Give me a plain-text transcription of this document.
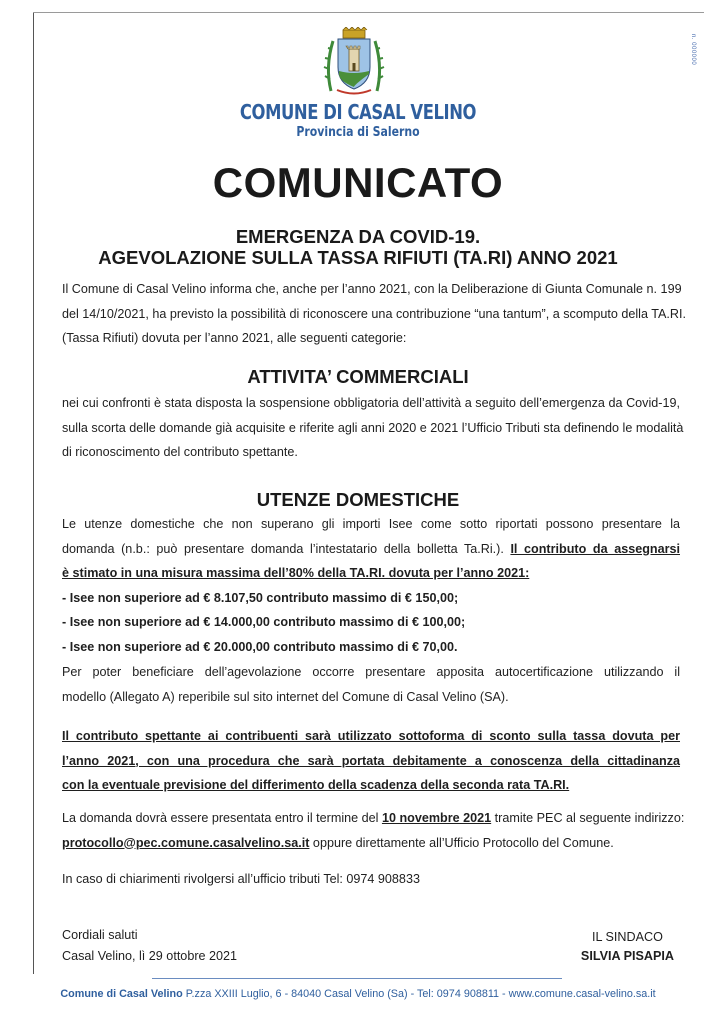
n. 000000
COMUNE DI CASAL VELINO
Provincia di Salerno
COMUNICATO
EMERGENZA DA COVID-19.
AGEVOLAZIONE SULLA TASSA RIFIUTI (TA.RI) ANNO 2021
Il Comune di Casal Velino informa che, anche per l’anno 2021, con la Deliberazione di Giunta Comunale n. 199
del 14/10/2021, ha previsto la possibilità di riconoscere una contribuzione “una tantum”, a scomputo della TA.RI.
(Tassa Rifiuti) dovuta per l’anno 2021, alle seguenti categorie:
ATTIVITA’ COMMERCIALI
nei cui confronti è stata disposta la sospensione obbligatoria dell’attività a seguito dell’emergenza da Covid-19,
sulla scorta delle domande già acquisite e riferite agli anni 2020 e 2021 l’Ufficio Tributi sta definendo le modalità
di riconoscimento del contributo spettante.
UTENZE DOMESTICHE
Le utenze domestiche che non superano gli importi Isee come sotto riportati possono presentare la
domanda (n.b.: può presentare domanda l’intestatario della bolletta Ta.Ri.). Il contributo da assegnarsi
è stimato in una misura massima dell’80% della TA.RI. dovuta per l’anno 2021:
- Isee non superiore ad € 8.107,50 contributo massimo di € 150,00;
- Isee non superiore ad € 14.000,00 contributo massimo di € 100,00;
- Isee non superiore ad € 20.000,00 contributo massimo di € 70,00.
Per poter beneficiare dell’agevolazione occorre presentare apposita autocertificazione utilizzando il
modello (Allegato A) reperibile sul sito internet del Comune di Casal Velino (SA).
Il contributo spettante ai contribuenti sarà utilizzato sottoforma di sconto sulla tassa dovuta per
l’anno 2021, con una procedura che sarà portata debitamente a conoscenza della cittadinanza
con la eventuale previsione del differimento della scadenza della seconda rata TA.RI.
La domanda dovrà essere presentata entro il termine del 10 novembre 2021 tramite PEC al seguente indirizzo:
protocollo@pec.comune.casalvelino.sa.it oppure direttamente all’Ufficio Protocollo del Comune.
In caso di chiarimenti rivolgersi all’ufficio tributi Tel: 0974 908833
Cordiali saluti
Casal Velino, lì 29 ottobre 2021
IL SINDACO
SILVIA PISAPIA
Comune di Casal Velino P.zza XXIII Luglio, 6 - 84040 Casal Velino (Sa) - Tel: 0974 908811 - www.comune.casal-velino.sa.it
